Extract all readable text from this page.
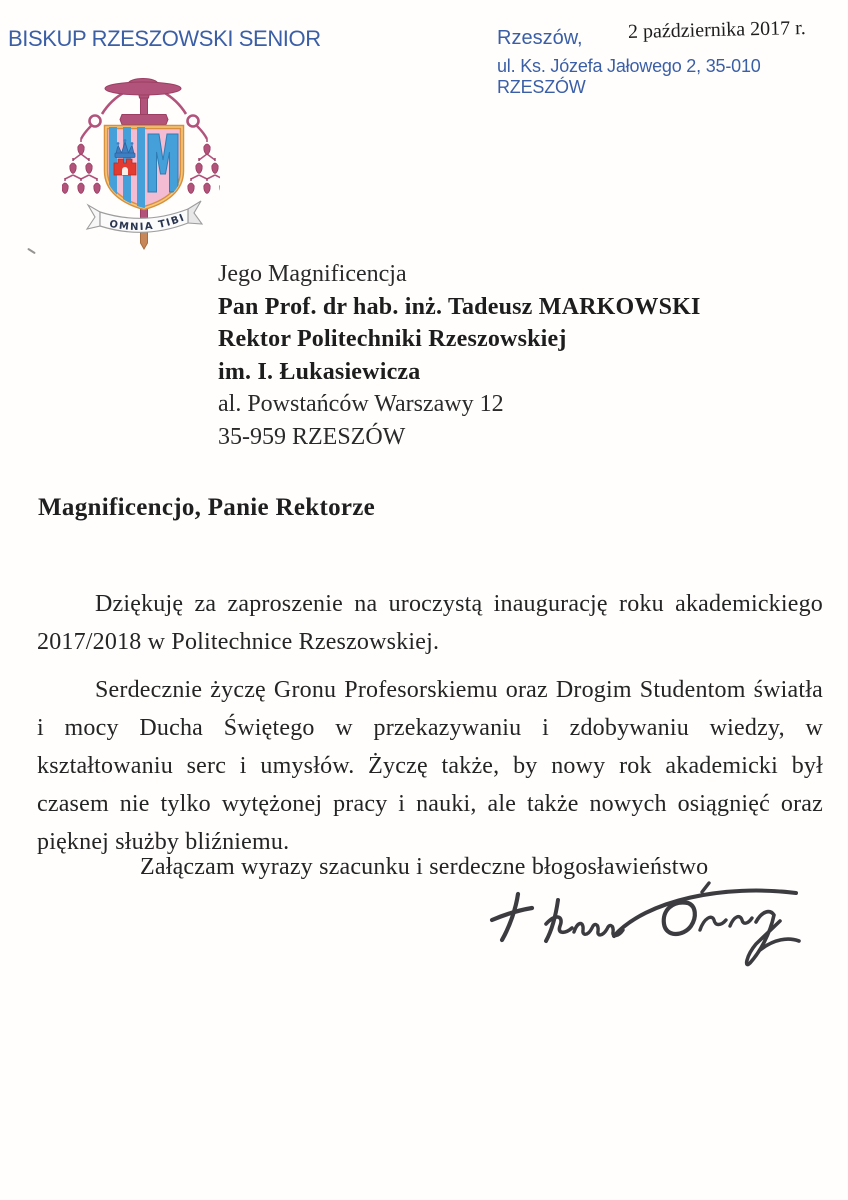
BISKUP RZESZOWSKI SENIOR	Rzeszów, 2 października 2017 r.
ul. Ks. Józefa Jałowego 2, 35-010 RZESZÓW
OMNIA TIBI
Jego Magnificencja
Pan Prof. dr hab. inż. Tadeusz MARKOWSKI
Rektor Politechniki Rzeszowskiej
im. I. Łukasiewicza
al. Powstańców Warszawy 12
35-959 RZESZÓW
Magnificencjo, Panie Rektorze

Dziękuję za zaproszenie na uroczystą inaugurację roku akademickiego 2017/2018 w Politechnice Rzeszowskiej.

Serdecznie życzę Gronu Profesorskiemu oraz Drogim Studentom światła i mocy Ducha Świętego w przekazywaniu i zdobywaniu wiedzy, w kształtowaniu serc i umysłów. Życzę także, by nowy rok akademicki był czasem nie tylko wytężonej pracy i nauki, ale także nowych osiągnięć oraz pięknej służby bliźniemu.

Załączam wyrazy szacunku i serdeczne błogosławieństwo
